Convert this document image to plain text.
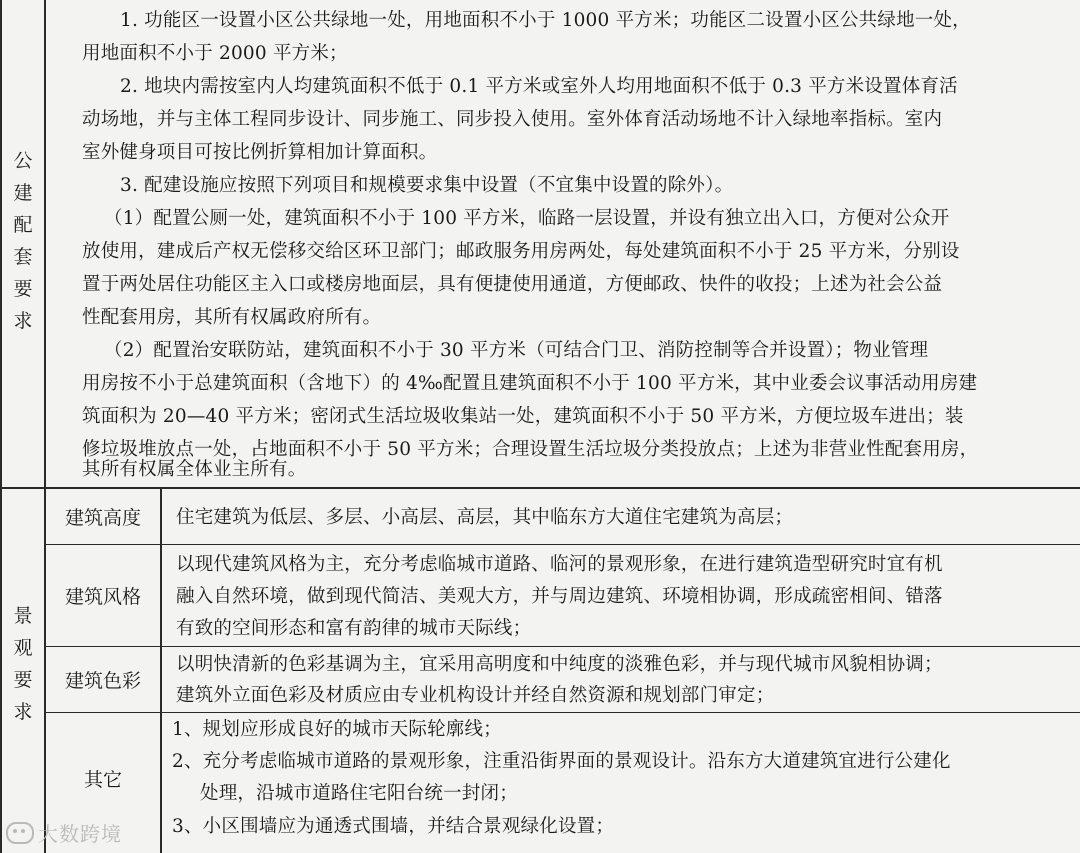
公建配套要求
1. 功能区一设置小区公共绿地一处，用地面积不小于 1000 平方米；功能区二设置小区公共绿地一处，
用地面积不小于 2000 平方米；
2. 地块内需按室内人均建筑面积不低于 0.1 平方米或室外人均用地面积不低于 0.3 平方米设置体育活
动场地，并与主体工程同步设计、同步施工、同步投入使用。室外体育活动场地不计入绿地率指标。室内
室外健身项目可按比例折算相加计算面积。
3. 配建设施应按照下列项目和规模要求集中设置（不宜集中设置的除外）。
（1）配置公厕一处，建筑面积不小于 100 平方米，临路一层设置，并设有独立出入口，方便对公众开
放使用，建成后产权无偿移交给区环卫部门；邮政服务用房两处，每处建筑面积不小于 25 平方米，分别设
置于两处居住功能区主入口或楼房地面层，具有便捷使用通道，方便邮政、快件的收投；上述为社会公益
性配套用房，其所有权属政府所有。
（2）配置治安联防站，建筑面积不小于 30 平方米（可结合门卫、消防控制等合并设置）；物业管理
用房按不小于总建筑面积（含地下）的 4‰配置且建筑面积不小于 100 平方米，其中业委会议事活动用房建
筑面积为 20—40 平方米；密闭式生活垃圾收集站一处，建筑面积不小于 50 平方米，方便垃圾车进出；装
修垃圾堆放点一处，占地面积不小于 50 平方米；合理设置生活垃圾分类投放点；上述为非营业性配套用房，
其所有权属全体业主所有。
景观要求
建筑高度	住宅建筑为低层、多层、小高层、高层，其中临东方大道住宅建筑为高层；
建筑风格
以现代建筑风格为主，充分考虑临城市道路、临河的景观形象，在进行建筑造型研究时宜有机
融入自然环境，做到现代简洁、美观大方，并与周边建筑、环境相协调，形成疏密相间、错落
有致的空间形态和富有韵律的城市天际线；
建筑色彩
以明快清新的色彩基调为主，宜采用高明度和中纯度的淡雅色彩，并与现代城市风貌相协调；
建筑外立面色彩及材质应由专业机构设计并经自然资源和规划部门审定；
其它
1、规划应形成良好的城市天际轮廓线；
2、充分考虑临城市道路的景观形象，注重沿街界面的景观设计。沿东方大道建筑宜进行公建化
处理，沿城市道路住宅阳台统一封闭；
3、小区围墙应为通透式围墙，并结合景观绿化设置；
大数跨境
